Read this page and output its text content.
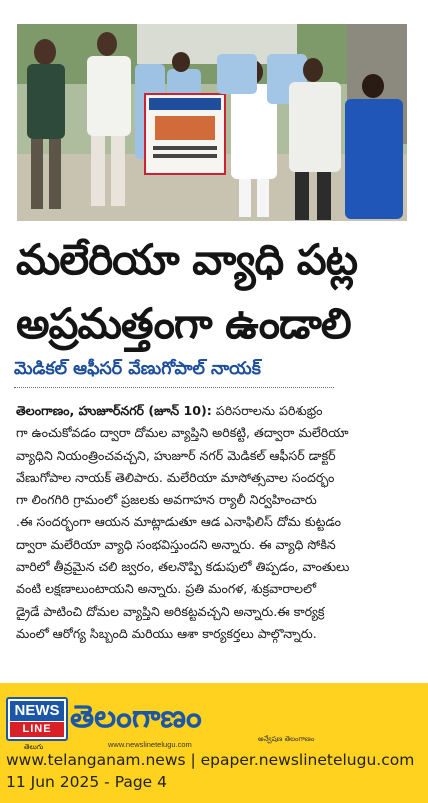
మలేరియా వ్యాధి పట్ల
అప్రమత్తంగా ఉండాలి
మెడికల్ ఆఫీసర్ వేణుగోపాల్ నాయక్
తెలంగాణం, హుజూర్‌నగర్ (జూన్ 10): పరిసరాలను పరిశుభ్రం
గా ఉంచుకోవడం ద్వారా దోమల వ్యాప్తిని అరికట్టి, తద్వారా మలేరియా
వ్యాధిని నియంత్రించవచ్చని, హుజూర్ నగర్ మెడికల్ ఆఫీసర్ డాక్టర్
వేణుగోపాల నాయక్ తెలిపారు. మలేరియా మాసోత్సవాల సందర్భం
గా లింగగిరి గ్రామంలో ప్రజలకు అవగాహన ర్యాలీ నిర్వహించారు
.ఈ సందర్భంగా ఆయన మాట్లాడుతూ ఆడ ఎనాఫిలిస్ దోమ కుట్టడం
ద్వారా మలేరియా వ్యాధి సంభవిస్తుందని అన్నారు. ఈ వ్యాధి సోకిన
వారిలో తీవ్రమైన చలి జ్వరం, తలనొప్పి కడుపులో తిప్పడం, వాంతులు
వంటి లక్షణాలుంటాయని అన్నారు. ప్రతి మంగళ, శుక్రవారాలలో
డ్రైడే పాటించి దోమల వ్యాప్తిని అరికట్టవచ్చని అన్నారు.ఈ కార్యక్ర
మంలో ఆరోగ్య సిబ్బంది మరియు ఆశా కార్యకర్తలు పాల్గొన్నారు.
NEWS
LINE
తెలుగు
తెలంగాణం
అన్వేషణ తెలంగాణం
www.newslinetelugu.com
www.telanganam.news | epaper.newslinetelugu.com
11 Jun 2025 - Page 4
